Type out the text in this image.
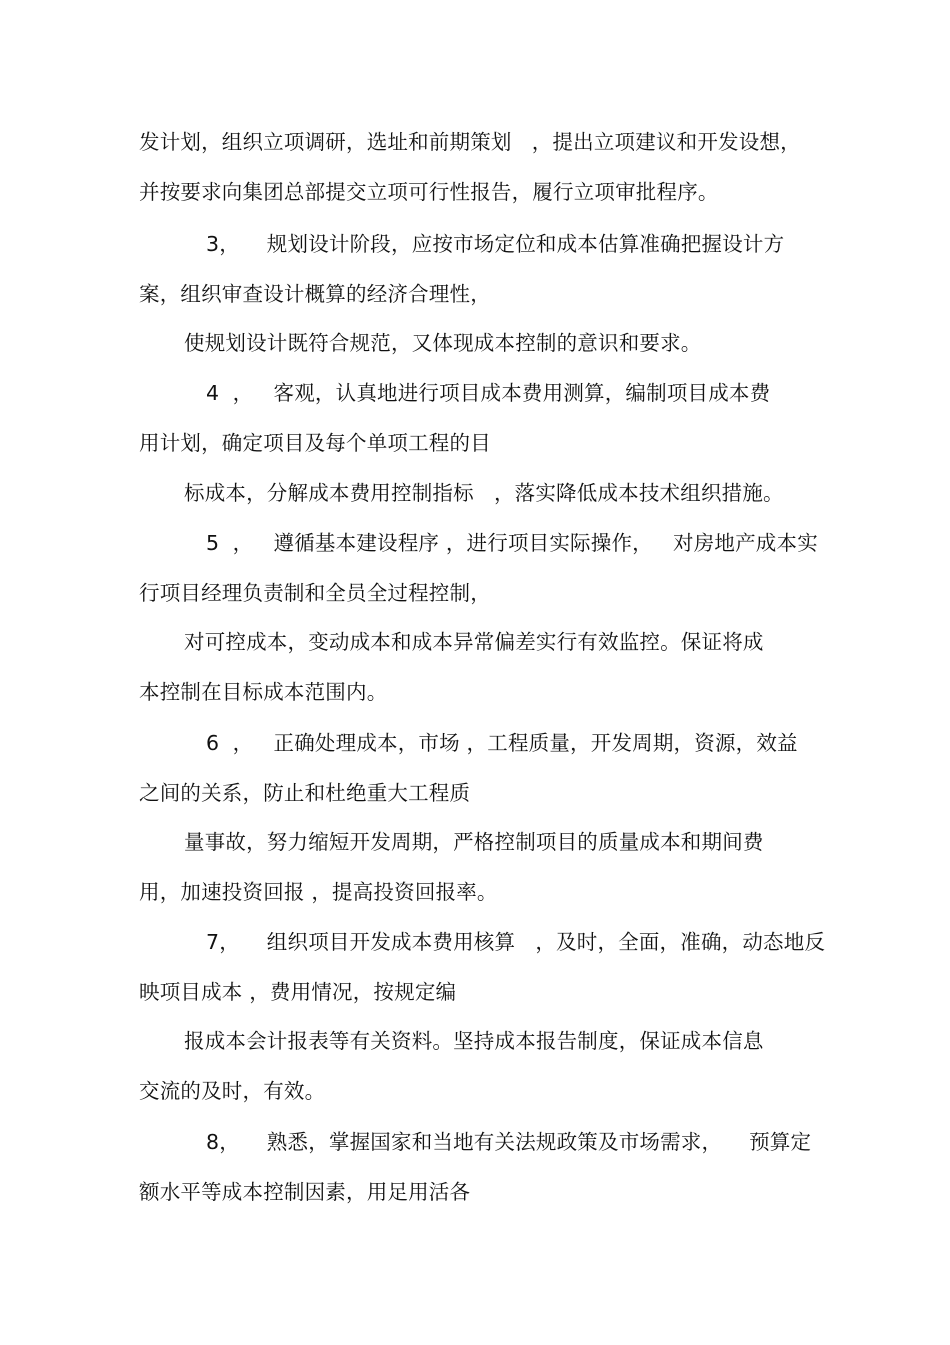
发计划，组织立项调研，选址和前期策划   ，提出立项建议和开发设想，
并按要求向集团总部提交立项可行性报告，履行立项审批程序。
3，    规划设计阶段，应按市场定位和成本估算准确把握设计方
案，组织审查设计概算的经济合理性，
使规划设计既符合规范，又体现成本控制的意识和要求。
4  ，   客观，认真地进行项目成本费用测算，编制项目成本费
用计划，确定项目及每个单项工程的目
标成本，分解成本费用控制指标   ，落实降低成本技术组织措施。
5  ，   遵循基本建设程序 ，进行项目实际操作，   对房地产成本实
行项目经理负责制和全员全过程控制，
对可控成本，变动成本和成本异常偏差实行有效监控。保证将成
本控制在目标成本范围内。
6  ，   正确处理成本，市场 ，工程质量，开发周期，资源，效益
之间的关系，防止和杜绝重大工程质
量事故，努力缩短开发周期，严格控制项目的质量成本和期间费
用，加速投资回报 ，提高投资回报率。
7，    组织项目开发成本费用核算   ，及时，全面，准确，动态地反
映项目成本 ，费用情况，按规定编
报成本会计报表等有关资料。坚持成本报告制度，保证成本信息
交流的及时，有效。
8，    熟悉，掌握国家和当地有关法规政策及市场需求，    预算定
额水平等成本控制因素，用足用活各
